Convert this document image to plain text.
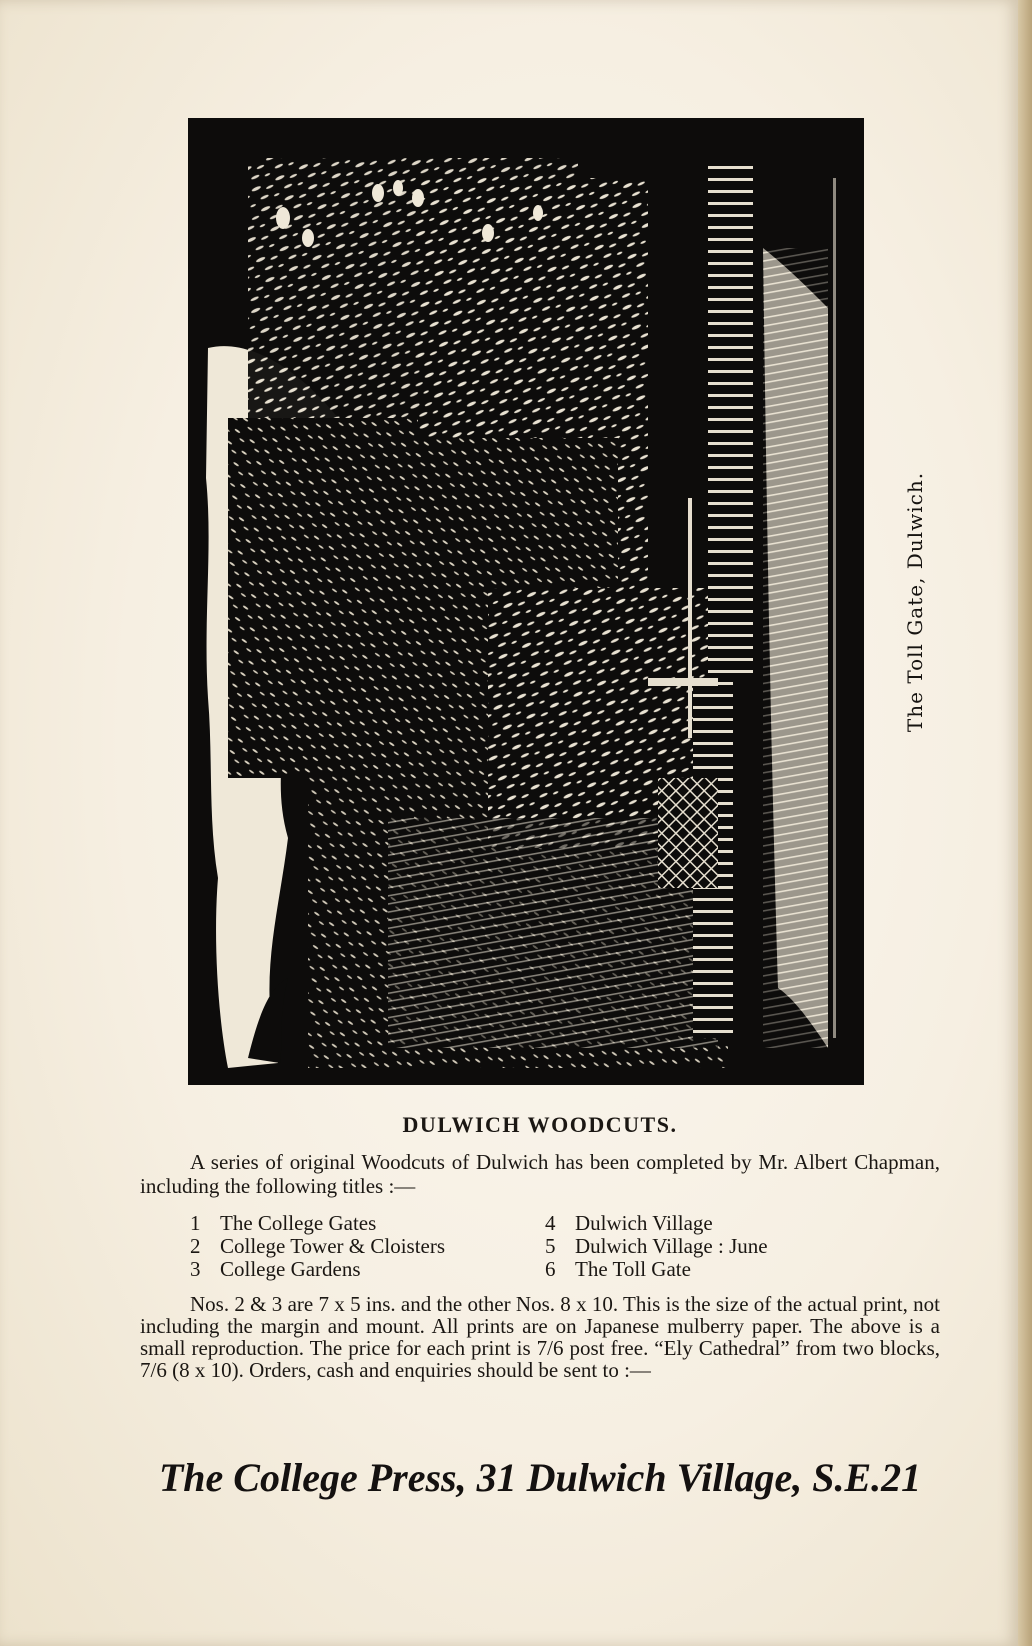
The Toll Gate, Dulwich.
DULWICH WOODCUTS.

A series of original Woodcuts of Dulwich has been completed by Mr. Albert Chapman, including the following titles :—

1 The College Gates	4 Dulwich Village
2 College Tower & Cloisters	5 Dulwich Village : June
3 College Gardens	6 The Toll Gate

Nos. 2 & 3 are 7 x 5 ins. and the other Nos. 8 x 10. This is the size of the actual print, not including the margin and mount. All prints are on Japanese mulberry paper. The above is a small reproduction. The price for each print is 7/6 post free. “Ely Cathedral” from two blocks, 7/6 (8 x 10). Orders, cash and enquiries should be sent to :—

The College Press, 31 Dulwich Village, S.E.21
